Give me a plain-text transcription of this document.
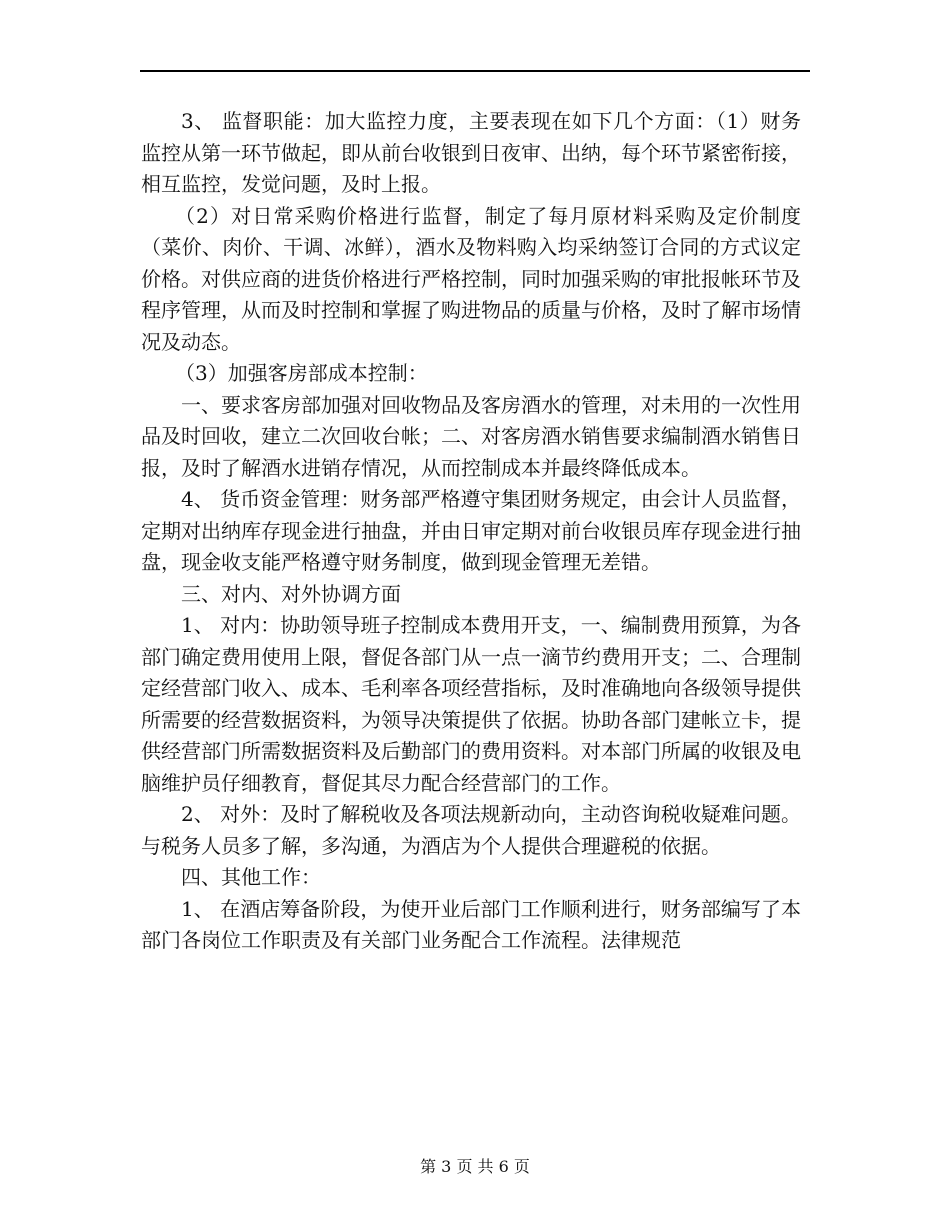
3、 监督职能：加大监控力度，主要表现在如下几个方面：（1）财务监控从第一环节做起，即从前台收银到日夜审、出纳，每个环节紧密衔接，相互监控，发觉问题，及时上报。

（2）对日常采购价格进行监督，制定了每月原材料采购及定价制度（菜价、肉价、干调、冰鲜），酒水及物料购入均采纳签订合同的方式议定价格。对供应商的进货价格进行严格控制，同时加强采购的审批报帐环节及程序管理，从而及时控制和掌握了购进物品的质量与价格，及时了解市场情况及动态。

（3）加强客房部成本控制：

一、要求客房部加强对回收物品及客房酒水的管理，对未用的一次性用品及时回收，建立二次回收台帐；二、对客房酒水销售要求编制酒水销售日报，及时了解酒水进销存情况，从而控制成本并最终降低成本。

4、 货币资金管理：财务部严格遵守集团财务规定，由会计人员监督，定期对出纳库存现金进行抽盘，并由日审定期对前台收银员库存现金进行抽盘，现金收支能严格遵守财务制度，做到现金管理无差错。

三、对内、对外协调方面

1、 对内：协助领导班子控制成本费用开支，一、编制费用预算，为各部门确定费用使用上限，督促各部门从一点一滴节约费用开支；二、合理制定经营部门收入、成本、毛利率各项经营指标，及时准确地向各级领导提供所需要的经营数据资料，为领导决策提供了依据。协助各部门建帐立卡，提供经营部门所需数据资料及后勤部门的费用资料。对本部门所属的收银及电脑维护员仔细教育，督促其尽力配合经营部门的工作。

2、 对外：及时了解税收及各项法规新动向，主动咨询税收疑难问题。与税务人员多了解，多沟通，为酒店为个人提供合理避税的依据。

四、其他工作：

1、 在酒店筹备阶段，为使开业后部门工作顺利进行，财务部编写了本部门各岗位工作职责及有关部门业务配合工作流程。法律规范

第 3 页 共 6 页
